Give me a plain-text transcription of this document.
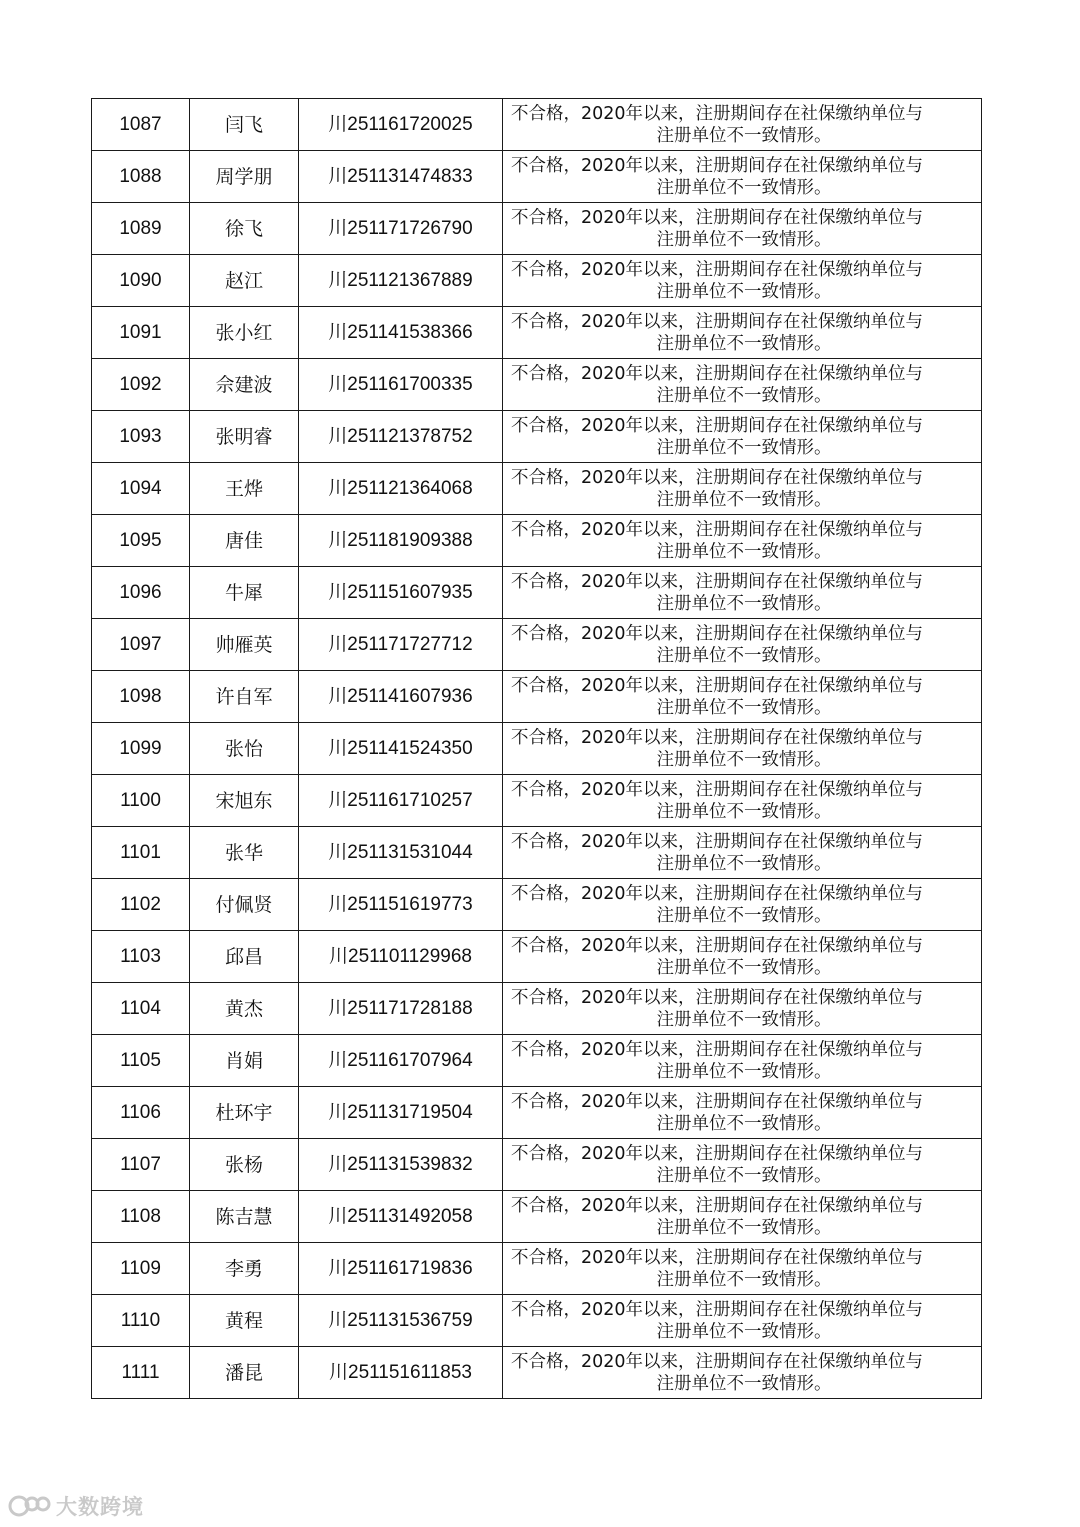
1087	闫飞	川251161720025	不合格，2020年以来，注册期间存在社保缴纳单位与
注册单位不一致情形。

1088	周学朋	川251131474833	不合格，2020年以来，注册期间存在社保缴纳单位与
注册单位不一致情形。

1089	徐飞	川251171726790	不合格，2020年以来，注册期间存在社保缴纳单位与
注册单位不一致情形。

1090	赵江	川251121367889	不合格，2020年以来，注册期间存在社保缴纳单位与
注册单位不一致情形。

1091	张小红	川251141538366	不合格，2020年以来，注册期间存在社保缴纳单位与
注册单位不一致情形。

1092	佘建波	川251161700335	不合格，2020年以来，注册期间存在社保缴纳单位与
注册单位不一致情形。

1093	张明睿	川251121378752	不合格，2020年以来，注册期间存在社保缴纳单位与
注册单位不一致情形。

1094	王烨	川251121364068	不合格，2020年以来，注册期间存在社保缴纳单位与
注册单位不一致情形。

1095	唐佳	川251181909388	不合格，2020年以来，注册期间存在社保缴纳单位与
注册单位不一致情形。

1096	牛犀	川251151607935	不合格，2020年以来，注册期间存在社保缴纳单位与
注册单位不一致情形。

1097	帅雁英	川251171727712	不合格，2020年以来，注册期间存在社保缴纳单位与
注册单位不一致情形。

1098	许自军	川251141607936	不合格，2020年以来，注册期间存在社保缴纳单位与
注册单位不一致情形。

1099	张怡	川251141524350	不合格，2020年以来，注册期间存在社保缴纳单位与
注册单位不一致情形。

1100	宋旭东	川251161710257	不合格，2020年以来，注册期间存在社保缴纳单位与
注册单位不一致情形。

1101	张华	川251131531044	不合格，2020年以来，注册期间存在社保缴纳单位与
注册单位不一致情形。

1102	付佩贤	川251151619773	不合格，2020年以来，注册期间存在社保缴纳单位与
注册单位不一致情形。

1103	邱昌	川251101129968	不合格，2020年以来，注册期间存在社保缴纳单位与
注册单位不一致情形。

1104	黄杰	川251171728188	不合格，2020年以来，注册期间存在社保缴纳单位与
注册单位不一致情形。

1105	肖娟	川251161707964	不合格，2020年以来，注册期间存在社保缴纳单位与
注册单位不一致情形。

1106	杜环宇	川251131719504	不合格，2020年以来，注册期间存在社保缴纳单位与
注册单位不一致情形。

1107	张杨	川251131539832	不合格，2020年以来，注册期间存在社保缴纳单位与
注册单位不一致情形。

1108	陈吉慧	川251131492058	不合格，2020年以来，注册期间存在社保缴纳单位与
注册单位不一致情形。

1109	李勇	川251161719836	不合格，2020年以来，注册期间存在社保缴纳单位与
注册单位不一致情形。

1110	黄程	川251131536759	不合格，2020年以来，注册期间存在社保缴纳单位与
注册单位不一致情形。

1111	潘昆	川251151611853	不合格，2020年以来，注册期间存在社保缴纳单位与
注册单位不一致情形。
大数跨境
